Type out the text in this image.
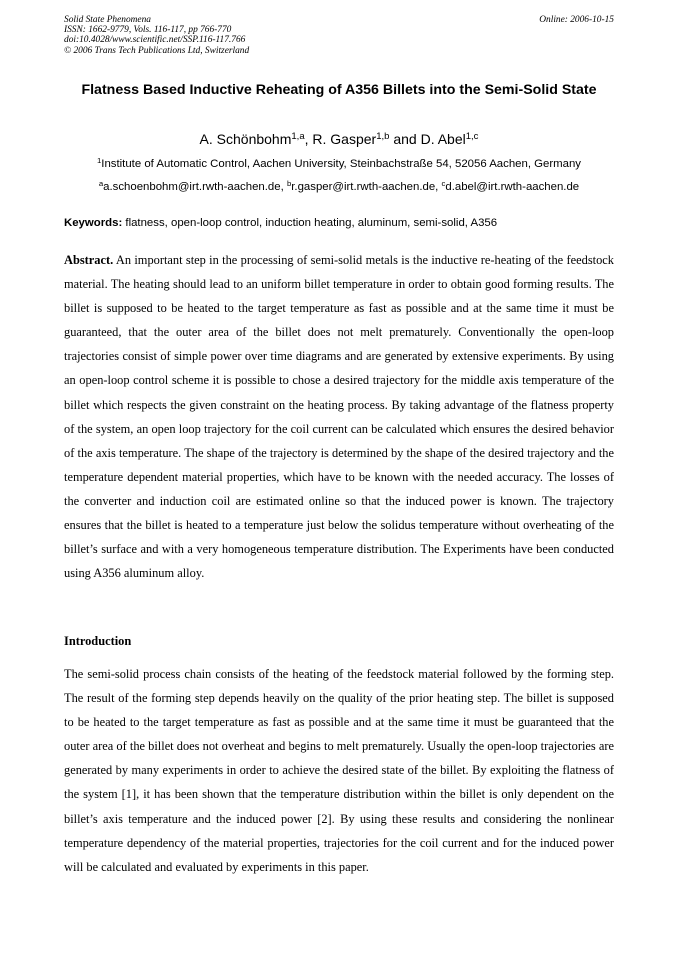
Solid State Phenomena
ISSN: 1662-9779, Vols. 116-117, pp 766-770
doi:10.4028/www.scientific.net/SSP.116-117.766
© 2006 Trans Tech Publications Ltd, Switzerland
Online: 2006-10-15
Flatness Based Inductive Reheating of A356 Billets into the Semi-Solid State
A. Schönbohm$^{1,a}$, R. Gasper$^{1,b}$ and D. Abel$^{1,c}$
$^1$Institute of Automatic Control, Aachen University, Steinbachstraße 54, 52056 Aachen, Germany
$^a$a.schoenbohm@irt.rwth-aachen.de, $^b$r.gasper@irt.rwth-aachen.de, $^c$d.abel@irt.rwth-aachen.de
Keywords: flatness, open-loop control, induction heating, aluminum, semi-solid, A356
Abstract. An important step in the processing of semi-solid metals is the inductive re-heating of the feedstock material. The heating should lead to an uniform billet temperature in order to obtain good forming results. The billet is supposed to be heated to the target temperature as fast as possible and at the same time it must be guaranteed, that the outer area of the billet does not melt prematurely. Conventionally the open-loop trajectories consist of simple power over time diagrams and are generated by extensive experiments. By using an open-loop control scheme it is possible to chose a desired trajectory for the middle axis temperature of the billet which respects the given constraint on the heating process. By taking advantage of the flatness property of the system, an open loop trajectory for the coil current can be calculated which ensures the desired behavior of the axis temperature. The shape of the trajectory is determined by the shape of the desired trajectory and the temperature dependent material properties, which have to be known with the needed accuracy. The losses of the converter and induction coil are estimated online so that the induced power is known. The trajectory ensures that the billet is heated to a temperature just below the solidus temperature without overheating of the billet’s surface and with a very homogeneous temperature distribution. The Experiments have been conducted using A356 aluminum alloy.
Introduction
The semi-solid process chain consists of the heating of the feedstock material followed by the forming step. The result of the forming step depends heavily on the quality of the prior heating step. The billet is supposed to be heated to the target temperature as fast as possible and at the same time it must be guaranteed that the outer area of the billet does not overheat and begins to melt prematurely. Usually the open-loop trajectories are generated by many experiments in order to achieve the desired state of the billet. By exploiting the flatness of the system [1], it has been shown that the temperature distribution within the billet is only dependent on the billet’s axis temperature and the induced power [2]. By using these results and considering the nonlinear temperature dependency of the material properties, trajectories for the coil current and for the induced power will be calculated and evaluated by experiments in this paper.
